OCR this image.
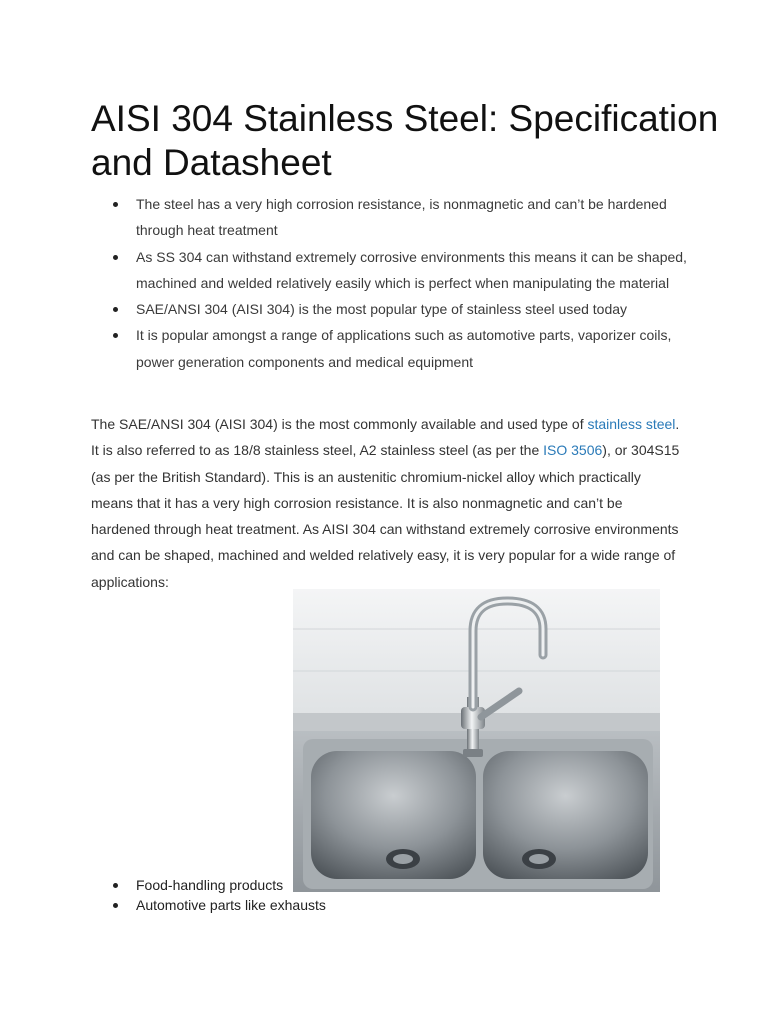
AISI 304 Stainless Steel: Specification and Datasheet
The steel has a very high corrosion resistance, is nonmagnetic and can’t be hardened through heat treatment
As SS 304 can withstand extremely corrosive environments this means it can be shaped, machined and welded relatively easily which is perfect when manipulating the material
SAE/ANSI 304 (AISI 304) is the most popular type of stainless steel used today
It is popular amongst a range of applications such as automotive parts, vaporizer coils, power generation components and medical equipment

The SAE/ANSI 304 (AISI 304) is the most commonly available and used type of stainless steel. It is also referred to as 18/8 stainless steel, A2 stainless steel (as per the ISO 3506), or 304S15 (as per the British Standard). This is an austenitic chromium-nickel alloy which practically means that it has a very high corrosion resistance. It is also nonmagnetic and can’t be hardened through heat treatment. As AISI 304 can withstand extremely corrosive environments and can be shaped, machined and welded relatively easy, it is very popular for a wide range of applications:

Food-handling products
Automotive parts like exhausts
